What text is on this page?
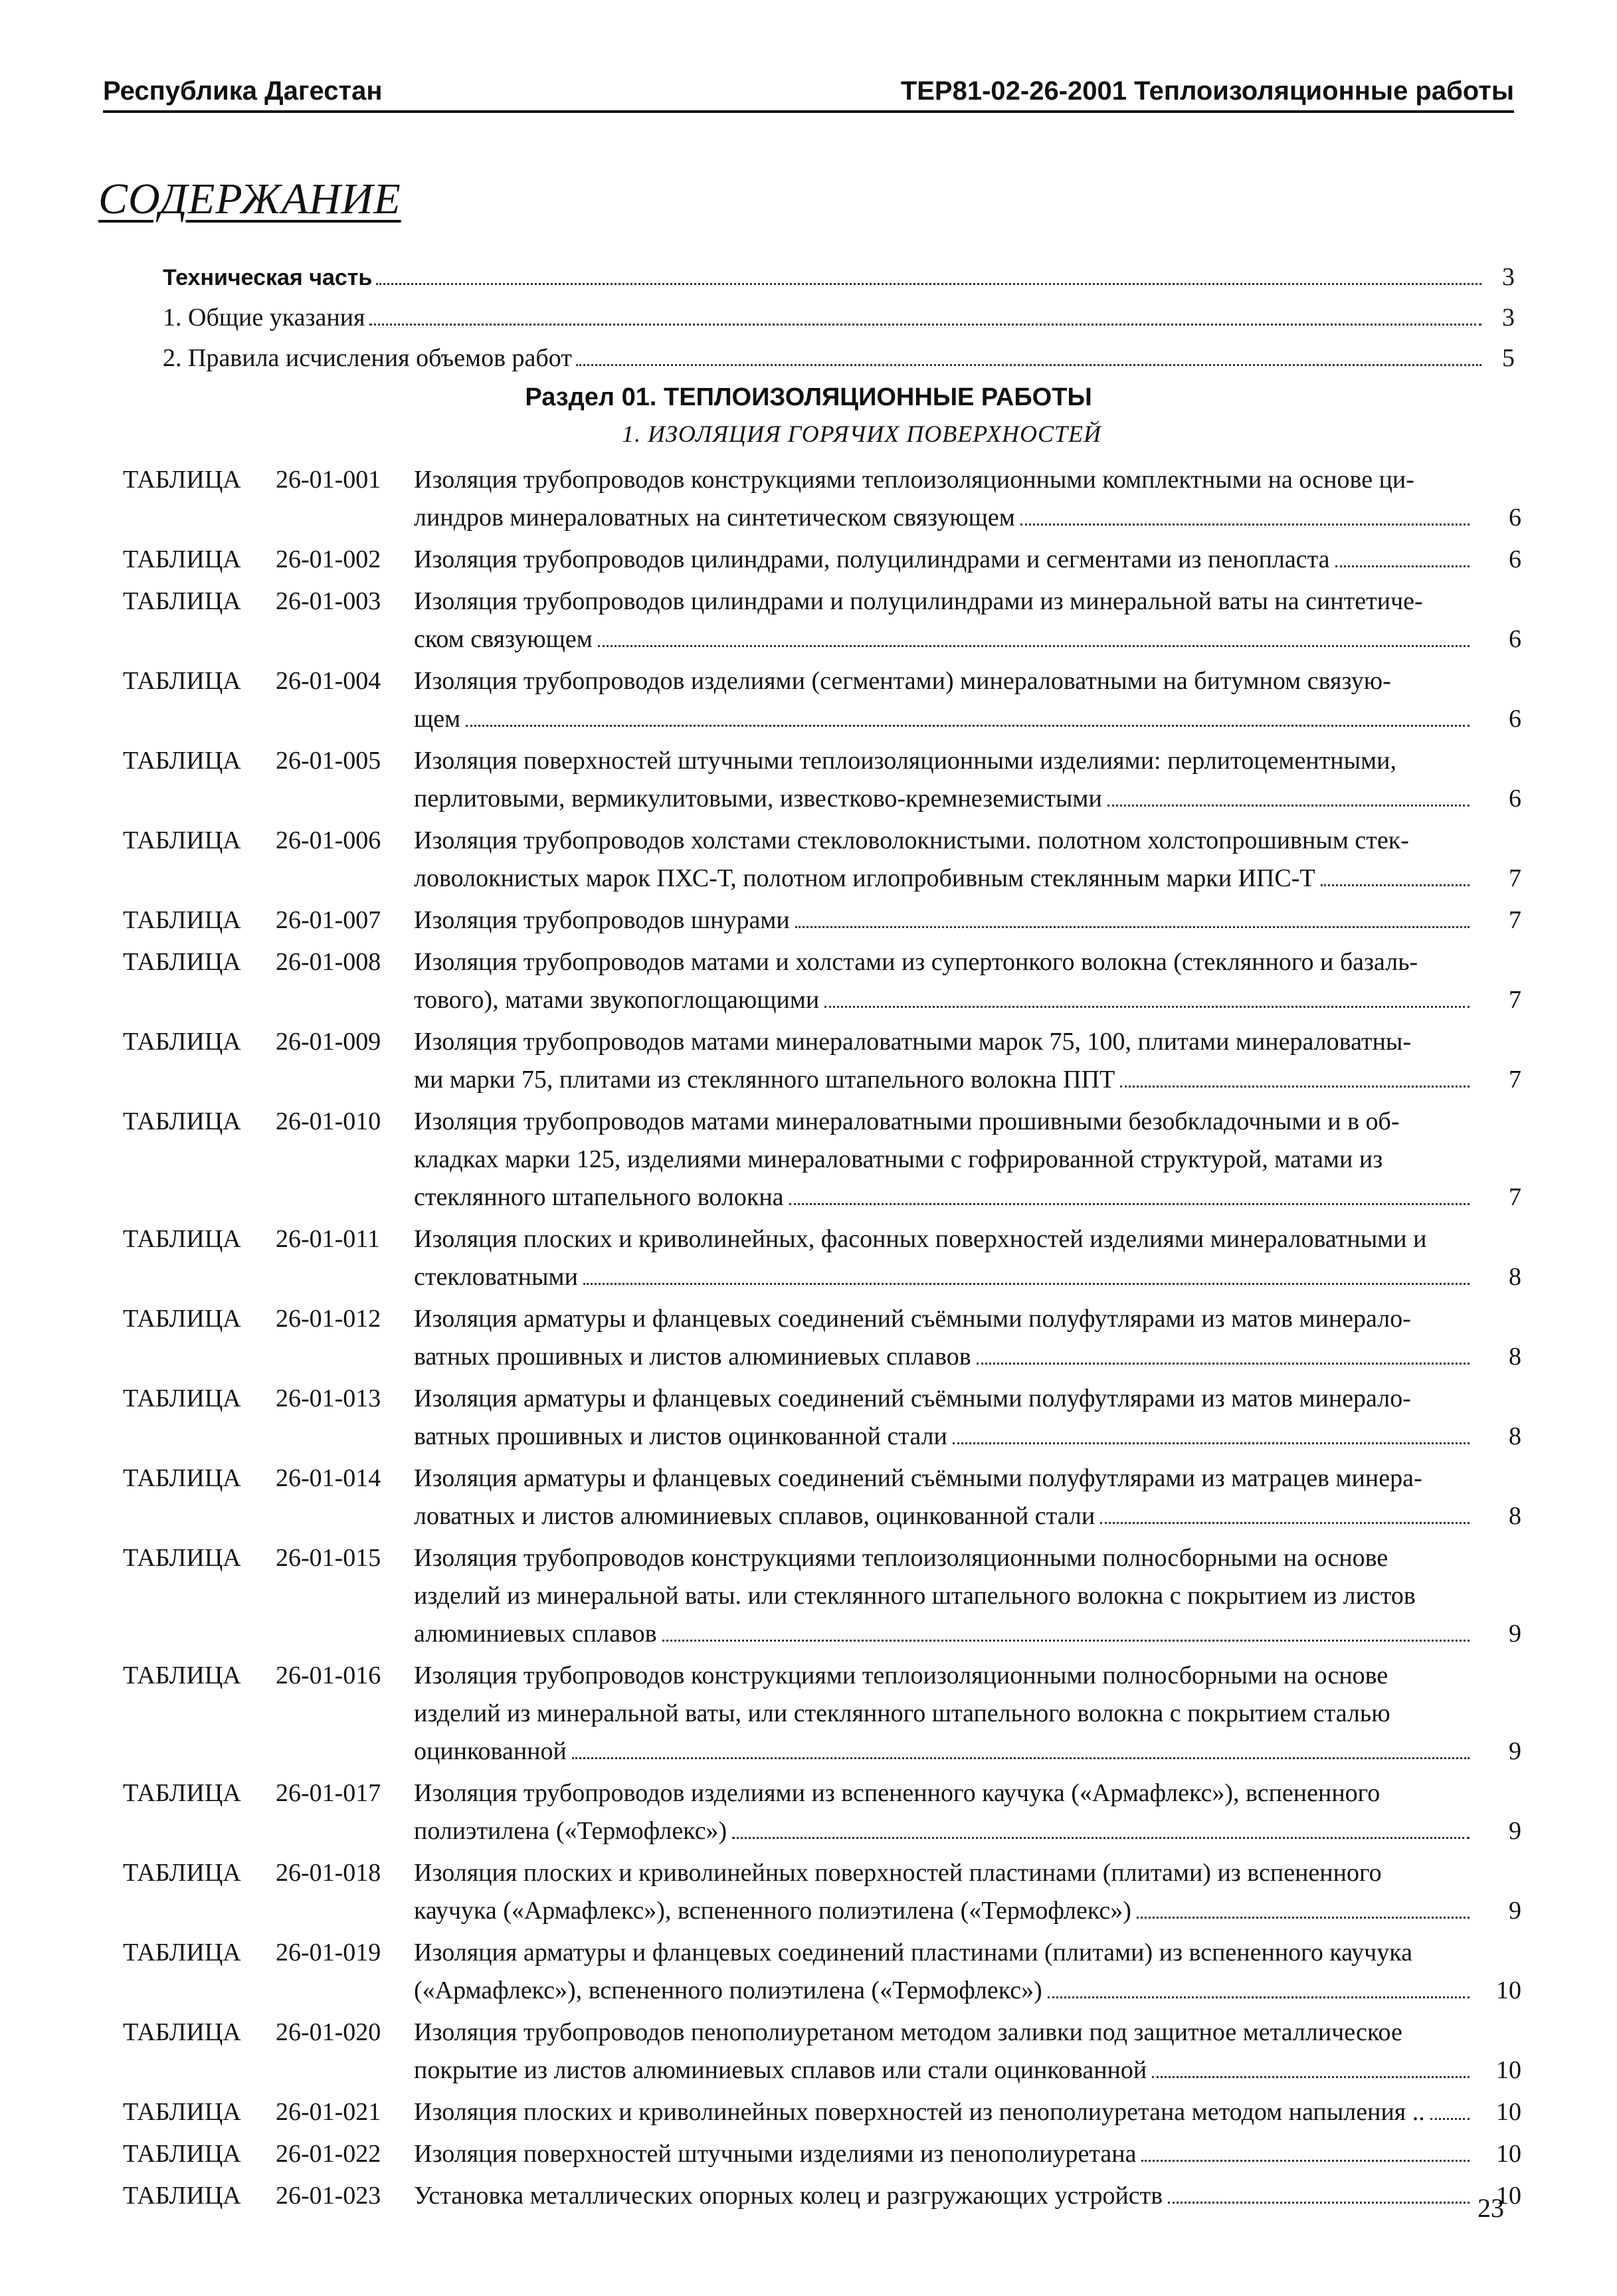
Республика Дагестан	ТЕР81-02-26-2001 Теплоизоляционные работы
СОДЕРЖАНИЕ
Техническая часть	3
1. Общие указания	3
2. Правила исчисления объемов работ	5
Раздел 01. ТЕПЛОИЗОЛЯЦИОННЫЕ РАБОТЫ
1. ИЗОЛЯЦИЯ ГОРЯЧИХ ПОВЕРХНОСТЕЙ
ТАБЛИЦА	26-01-001	Изоляция трубопроводов конструкциями теплоизоляционными комплектными на основе ци-
линдров минераловатных на синтетическом связующем	6
ТАБЛИЦА	26-01-002	Изоляция трубопроводов цилиндрами, полуцилиндрами и сегментами из пенопласта	6
ТАБЛИЦА	26-01-003	Изоляция трубопроводов цилиндрами и полуцилиндрами из минеральной ваты на синтетиче-
ском связующем	6
ТАБЛИЦА	26-01-004	Изоляция трубопроводов изделиями (сегментами) минераловатными на битумном связую-
щем	6
ТАБЛИЦА	26-01-005	Изоляция поверхностей штучными теплоизоляционными изделиями: перлитоцементными,
перлитовыми, вермикулитовыми, известково-кремнеземистыми	6
ТАБЛИЦА	26-01-006	Изоляция трубопроводов холстами стекловолокнистыми. полотном холстопрошивным стек-
ловолокнистых марок ПХС-Т, полотном иглопробивным стеклянным марки ИПС-Т	7
ТАБЛИЦА	26-01-007	Изоляция трубопроводов шнурами	7
ТАБЛИЦА	26-01-008	Изоляция трубопроводов матами и холстами из супертонкого волокна (стеклянного и базаль-
тового), матами звукопоглощающими	7
ТАБЛИЦА	26-01-009	Изоляция трубопроводов матами минераловатными марок 75, 100, плитами минераловатны-
ми марки 75, плитами из стеклянного штапельного волокна ППТ	7
ТАБЛИЦА	26-01-010	Изоляция трубопроводов матами минераловатными прошивными безобкладочными и в об-
кладках марки 125, изделиями минераловатными с гофрированной структурой, матами из
стеклянного штапельного волокна	7
ТАБЛИЦА	26-01-011	Изоляция плоских и криволинейных, фасонных поверхностей изделиями минераловатными и
стекловатными	8
ТАБЛИЦА	26-01-012	Изоляция арматуры и фланцевых соединений съёмными полуфутлярами из матов минерало-
ватных прошивных и листов алюминиевых сплавов	8
ТАБЛИЦА	26-01-013	Изоляция арматуры и фланцевых соединений съёмными полуфутлярами из матов минерало-
ватных прошивных и листов оцинкованной стали	8
ТАБЛИЦА	26-01-014	Изоляция арматуры и фланцевых соединений съёмными полуфутлярами из матрацев минера-
ловатных и листов алюминиевых сплавов, оцинкованной стали	8
ТАБЛИЦА	26-01-015	Изоляция трубопроводов конструкциями теплоизоляционными полносборными на основе
изделий из минеральной ваты. или стеклянного штапельного волокна с покрытием из листов
алюминиевых сплавов	9
ТАБЛИЦА	26-01-016	Изоляция трубопроводов конструкциями теплоизоляционными полносборными на основе
изделий из минеральной ваты, или стеклянного штапельного волокна с покрытием сталью
оцинкованной	9
ТАБЛИЦА	26-01-017	Изоляция трубопроводов изделиями из вспененного каучука («Армафлекс»), вспененного
полиэтилена («Термофлекс»)	9
ТАБЛИЦА	26-01-018	Изоляция плоских и криволинейных поверхностей пластинами (плитами) из вспененного
каучука («Армафлекс»), вспененного полиэтилена («Термофлекс»)	9
ТАБЛИЦА	26-01-019	Изоляция арматуры и фланцевых соединений пластинами (плитами) из вспененного каучука
(«Армафлекс»), вспененного полиэтилена («Термофлекс»)	10
ТАБЛИЦА	26-01-020	Изоляция трубопроводов пенополиуретаном методом заливки под защитное металлическое
покрытие из листов алюминиевых сплавов или стали оцинкованной	10
ТАБЛИЦА	26-01-021	Изоляция плоских и криволинейных поверхностей из пенополиуретана методом напыления ..	10
ТАБЛИЦА	26-01-022	Изоляция поверхностей штучными изделиями из пенополиуретана	10
ТАБЛИЦА	26-01-023	Установка металлических опорных колец и разгружающих устройств	10
23
